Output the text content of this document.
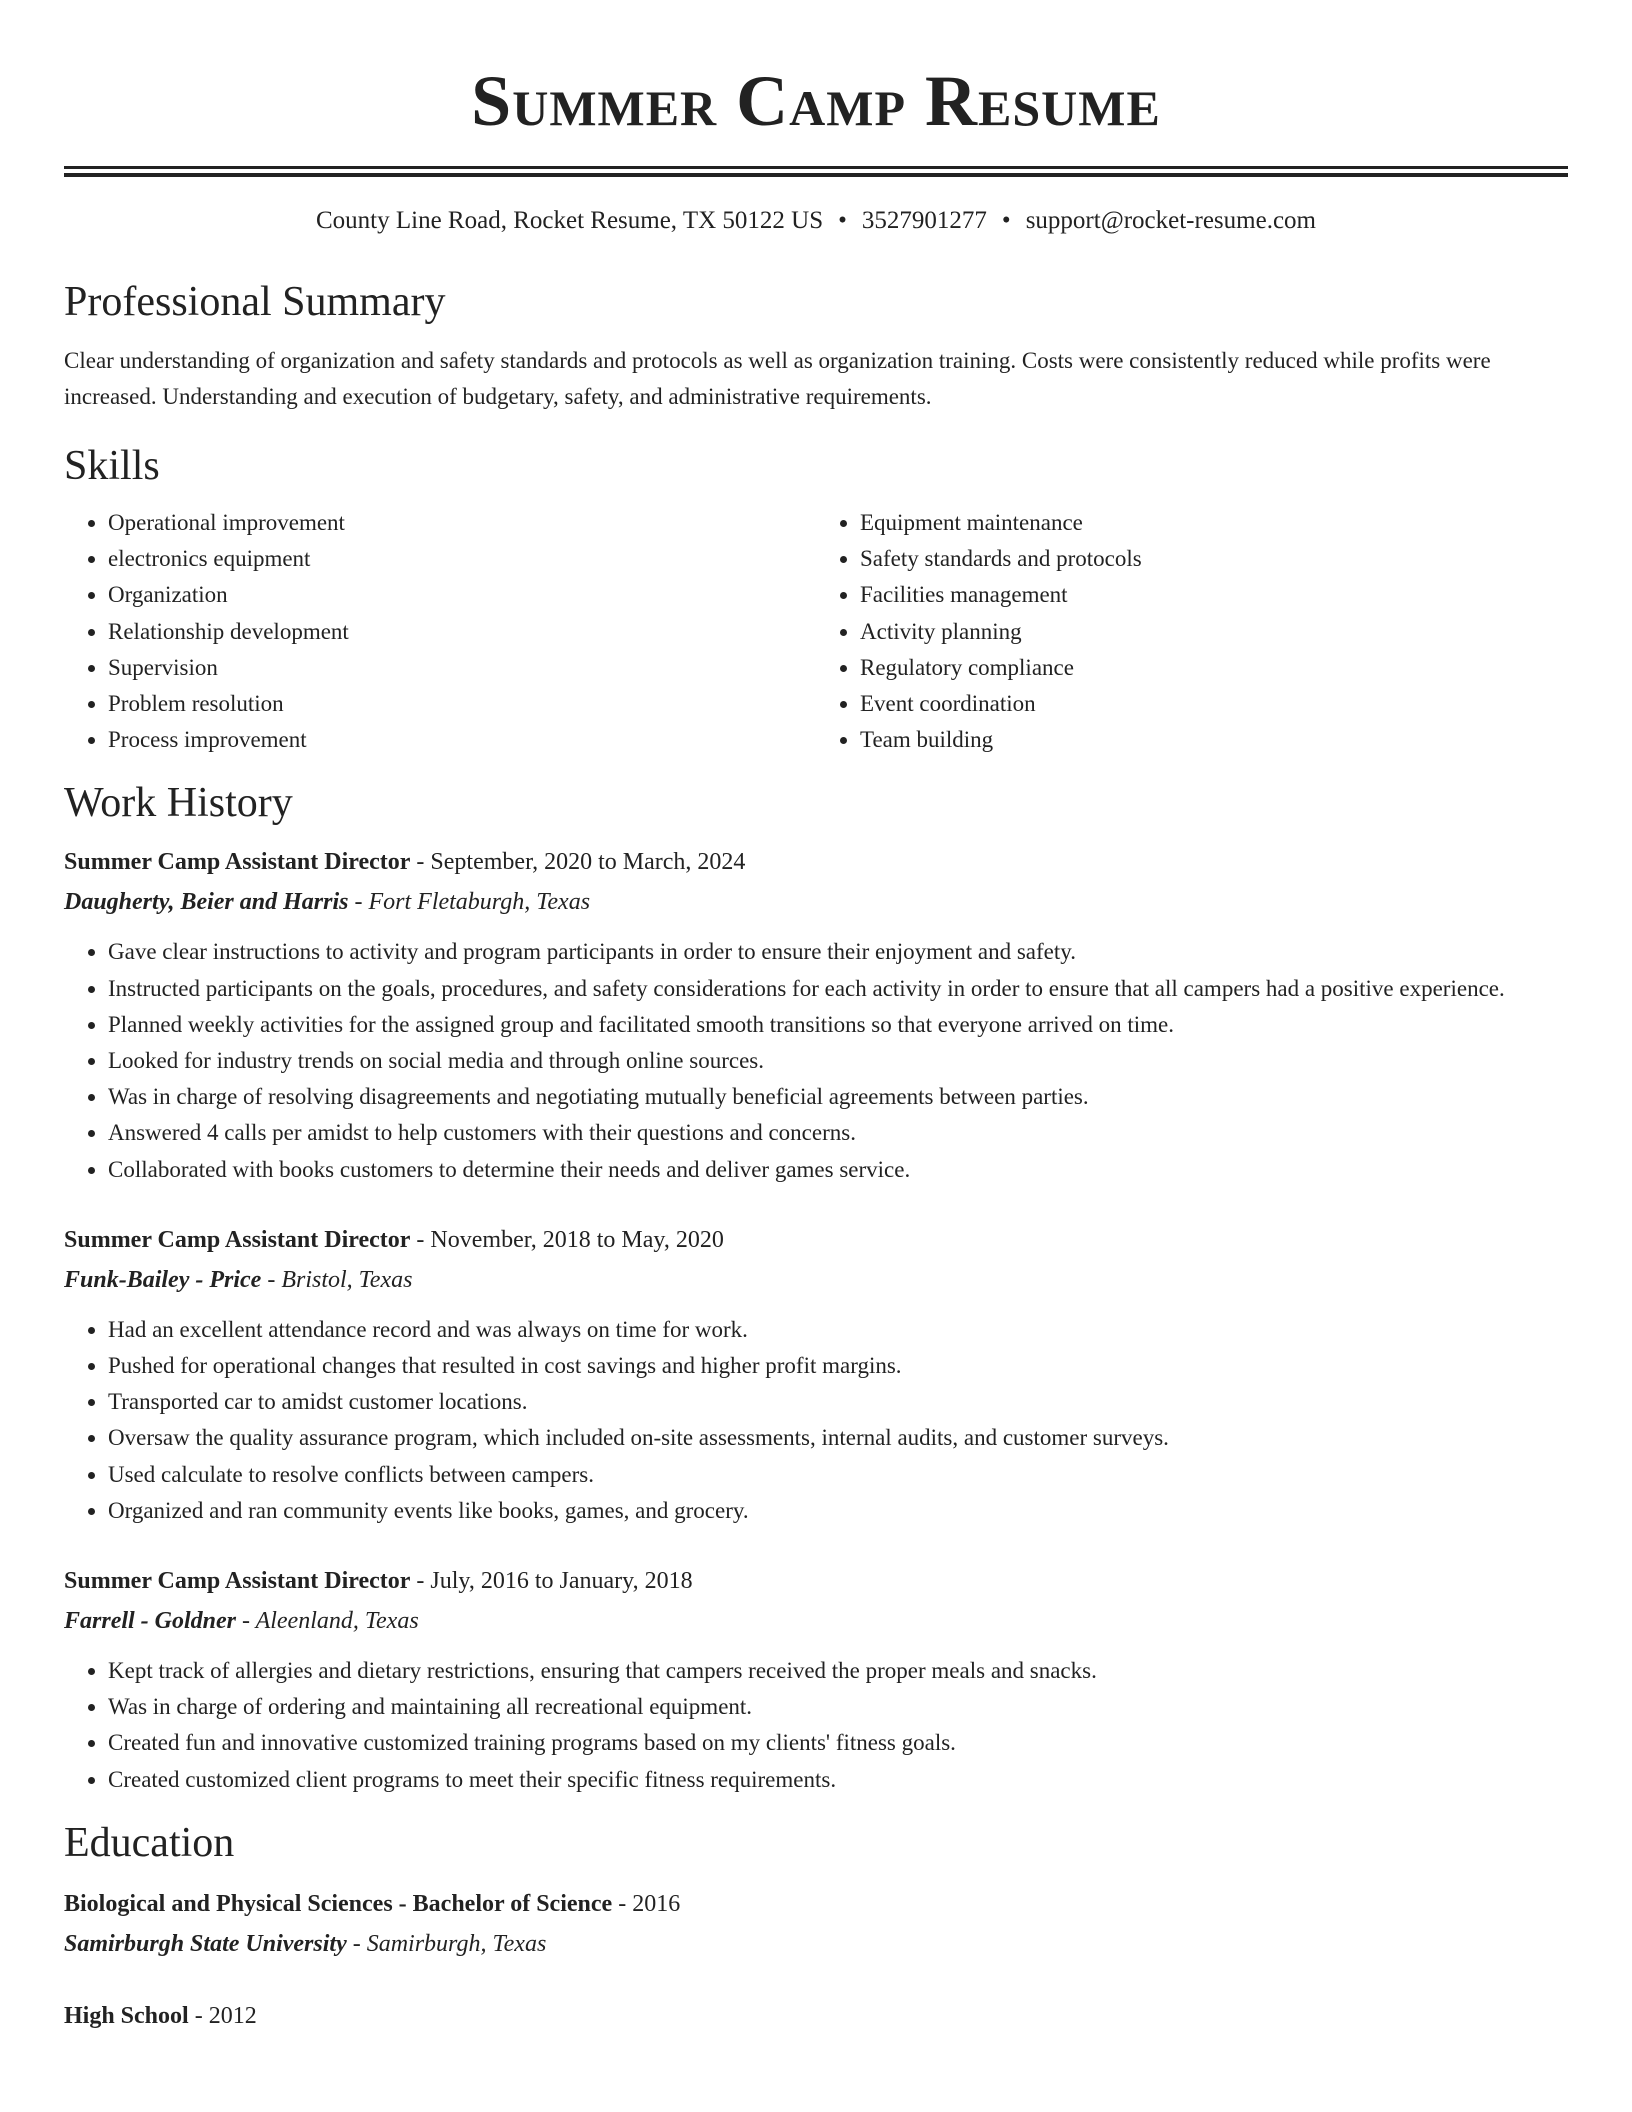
Summer Camp Resume
County Line Road, Rocket Resume, TX 50122 US • 3527901277 • support@rocket-resume.com
Professional Summary

Clear understanding of organization and safety standards and protocols as well as organization training. Costs were consistently reduced while profits were increased. Understanding and execution of budgetary, safety, and administrative requirements.

Skills
• Operational improvement
• electronics equipment
• Organization
• Relationship development
• Supervision
• Problem resolution
• Process improvement
• Equipment maintenance
• Safety standards and protocols
• Facilities management
• Activity planning
• Regulatory compliance
• Event coordination
• Team building
Work History
Summer Camp Assistant Director - September, 2020 to March, 2024
Daugherty, Beier and Harris - Fort Fletaburgh, Texas
• Gave clear instructions to activity and program participants in order to ensure their enjoyment and safety.
• Instructed participants on the goals, procedures, and safety considerations for each activity in order to ensure that all campers had a positive experience.
• Planned weekly activities for the assigned group and facilitated smooth transitions so that everyone arrived on time.
• Looked for industry trends on social media and through online sources.
• Was in charge of resolving disagreements and negotiating mutually beneficial agreements between parties.
• Answered 4 calls per amidst to help customers with their questions and concerns.
• Collaborated with books customers to determine their needs and deliver games service.
Summer Camp Assistant Director - November, 2018 to May, 2020
Funk-Bailey - Price - Bristol, Texas
• Had an excellent attendance record and was always on time for work.
• Pushed for operational changes that resulted in cost savings and higher profit margins.
• Transported car to amidst customer locations.
• Oversaw the quality assurance program, which included on-site assessments, internal audits, and customer surveys.
• Used calculate to resolve conflicts between campers.
• Organized and ran community events like books, games, and grocery.
Summer Camp Assistant Director - July, 2016 to January, 2018
Farrell - Goldner - Aleenland, Texas
• Kept track of allergies and dietary restrictions, ensuring that campers received the proper meals and snacks.
• Was in charge of ordering and maintaining all recreational equipment.
• Created fun and innovative customized training programs based on my clients' fitness goals.
• Created customized client programs to meet their specific fitness requirements.
Education
Biological and Physical Sciences - Bachelor of Science - 2016
Samirburgh State University - Samirburgh, Texas
High School - 2012
